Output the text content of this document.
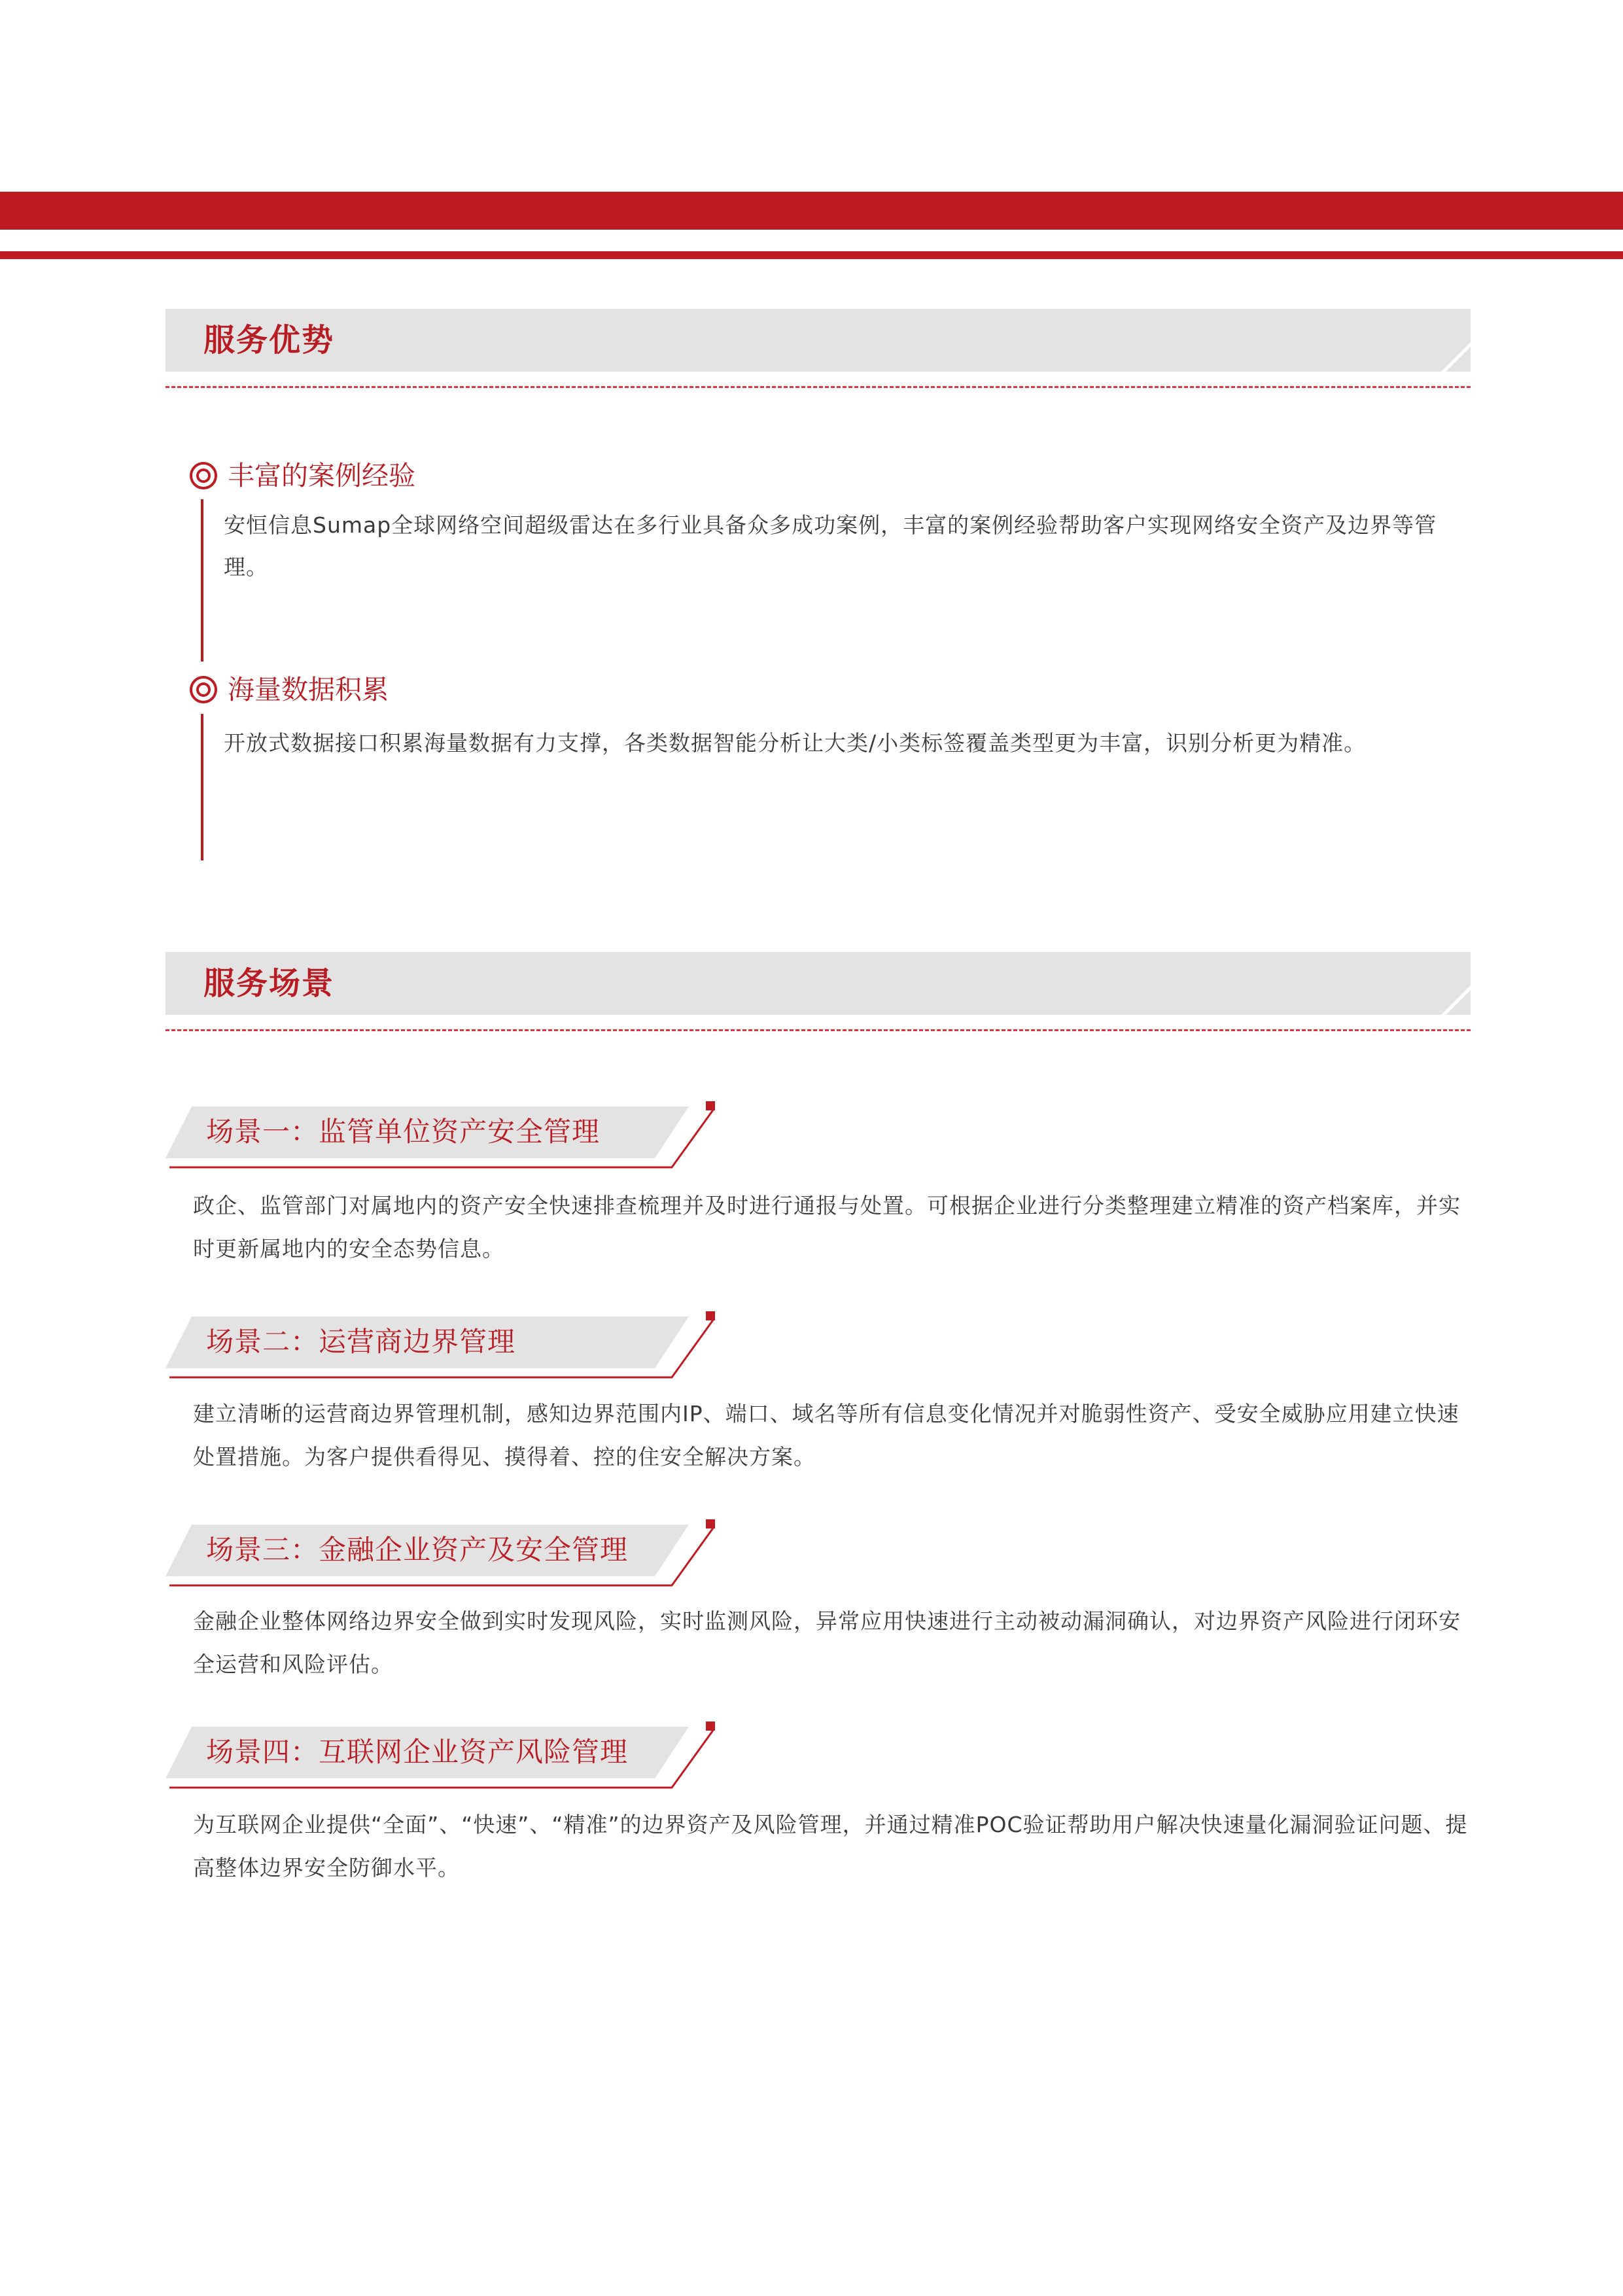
服务优势
丰富的案例经验
安恒信息Sumap全球网络空间超级雷达在多行业具备众多成功案例，丰富的案例经验帮助客户实现网络安全资产及边界等管理。
海量数据积累
开放式数据接口积累海量数据有力支撑，各类数据智能分析让大类/小类标签覆盖类型更为丰富，识别分析更为精准。
服务场景
场景一：监管单位资产安全管理
政企、监管部门对属地内的资产安全快速排查梳理并及时进行通报与处置。可根据企业进行分类整理建立精准的资产档案库，并实时更新属地内的安全态势信息。
场景二：运营商边界管理
建立清晰的运营商边界管理机制，感知边界范围内IP、端口、域名等所有信息变化情况并对脆弱性资产、受安全威胁应用建立快速处置措施。为客户提供看得见、摸得着、控的住安全解决方案。
场景三：金融企业资产及安全管理
金融企业整体网络边界安全做到实时发现风险，实时监测风险，异常应用快速进行主动被动漏洞确认，对边界资产风险进行闭环安全运营和风险评估。
场景四：互联网企业资产风险管理
为互联网企业提供“全面”、“快速”、“精准”的边界资产及风险管理，并通过精准POC验证帮助用户解决快速量化漏洞验证问题、提高整体边界安全防御水平。
